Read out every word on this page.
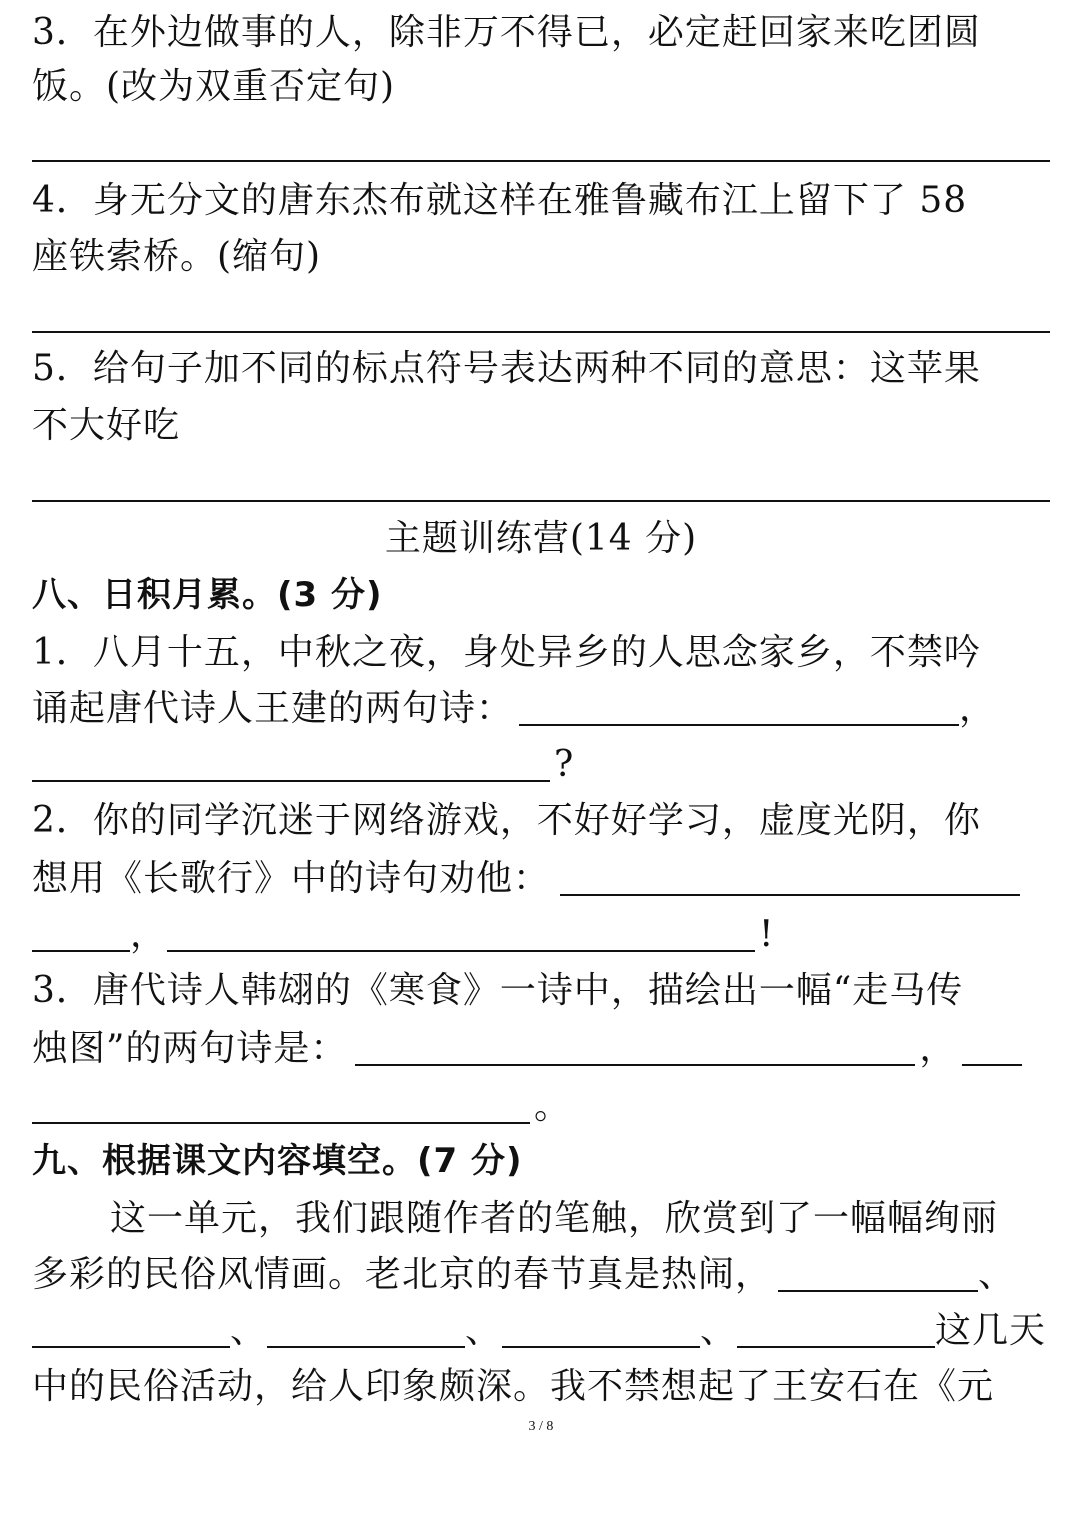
3．在外边做事的人，除非万不得已，必定赶回家来吃团圆
饭。(改为双重否定句)
4．身无分文的唐东杰布就这样在雅鲁藏布江上留下了 58
座铁索桥。(缩句)
5．给句子加不同的标点符号表达两种不同的意思：这苹果
不大好吃
主题训练营(14 分)
八、日积月累。(3 分)
1．八月十五，中秋之夜，身处异乡的人思念家乡，不禁吟
诵起唐代诗人王建的两句诗：	，
?
2．你的同学沉迷于网络游戏，不好好学习，虚度光阴，你
想用《长歌行》中的诗句劝他：
，	!
3．唐代诗人韩翃的《寒食》一诗中，描绘出一幅“走马传
烛图”的两句诗是：	，
。
九、根据课文内容填空。(7 分)
这一单元，我们跟随作者的笔触，欣赏到了一幅幅绚丽
多彩的民俗风情画。老北京的春节真是热闹，	、
、	、	、	这几天
中的民俗活动，给人印象颇深。我不禁想起了王安石在《元
3 / 8
